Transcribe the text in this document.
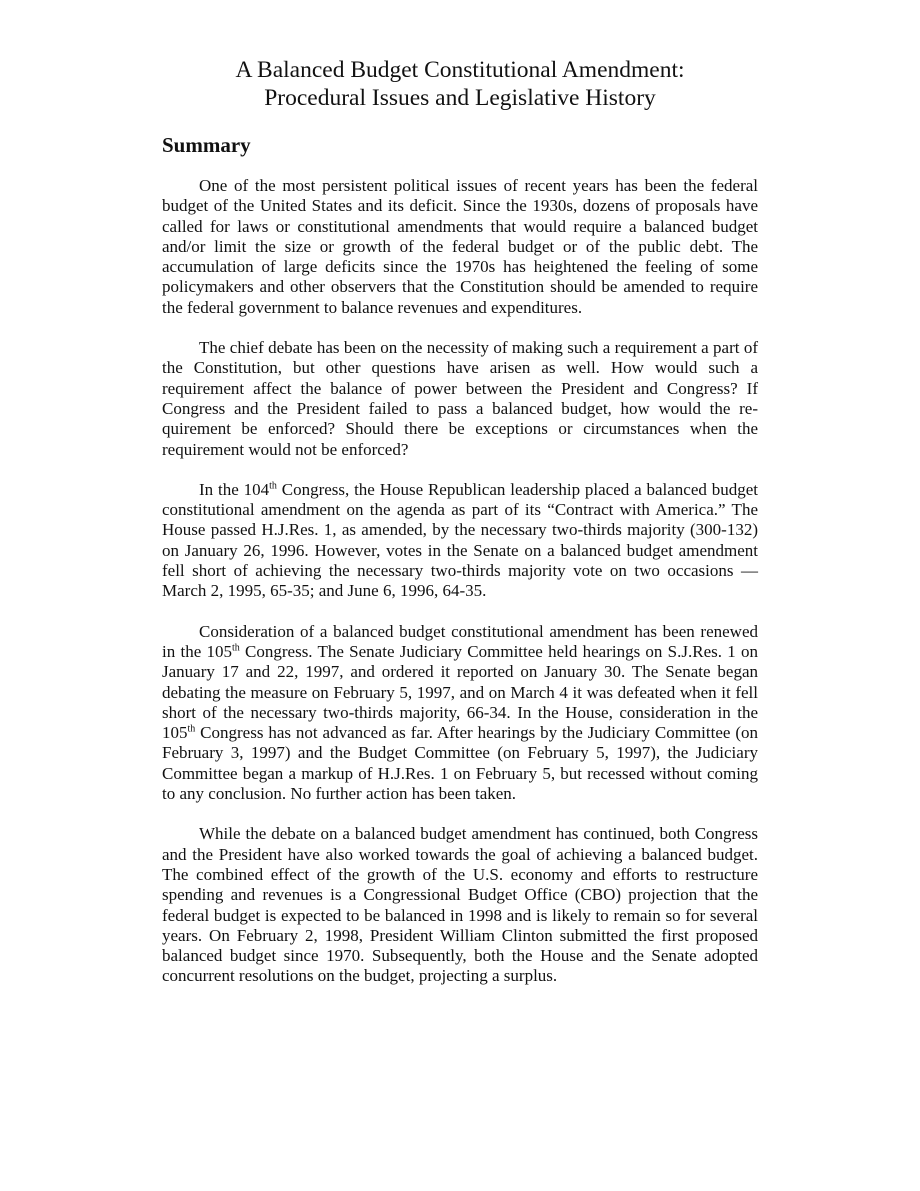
A Balanced Budget Constitutional Amendment:
Procedural Issues and Legislative History
Summary

One of the most persistent political issues of recent years has been the federal budget of the United States and its deficit. Since the 1930s, dozens of proposals have called for laws or constitutional amendments that would require a balanced budget and/or limit the size or growth of the federal budget or of the public debt. The accumulation of large deficits since the 1970s has heightened the feeling of some policymakers and other observers that the Constitution should be amended to require the federal government to balance revenues and expenditures.

The chief debate has been on the necessity of making such a requirement a part of the Constitution, but other questions have arisen as well. How would such a requirement affect the balance of power between the President and Congress? If Congress and the President failed to pass a balanced budget, how would the requirement be enforced? Should there be exceptions or circumstances when the requirement would not be enforced?

In the 104th Congress, the House Republican leadership placed a balanced budget constitutional amendment on the agenda as part of its “Contract with America.” The House passed H.J.Res. 1, as amended, by the necessary two-thirds majority (300-132) on January 26, 1996. However, votes in the Senate on a balanced budget amendment fell short of achieving the necessary two-thirds majority vote on two occasions — March 2, 1995, 65-35; and June 6, 1996, 64-35.

Consideration of a balanced budget constitutional amendment has been renewed in the 105th Congress. The Senate Judiciary Committee held hearings on S.J.Res. 1 on January 17 and 22, 1997, and ordered it reported on January 30. The Senate began debating the measure on February 5, 1997, and on March 4 it was defeated when it fell short of the necessary two-thirds majority, 66-34. In the House, consideration in the 105th Congress has not advanced as far. After hearings by the Judiciary Committee (on February 3, 1997) and the Budget Committee (on February 5, 1997), the Judiciary Committee began a markup of H.J.Res. 1 on February 5, but recessed without coming to any conclusion. No further action has been taken.

While the debate on a balanced budget amendment has continued, both Congress and the President have also worked towards the goal of achieving a balanced budget. The combined effect of the growth of the U.S. economy and efforts to restructure spending and revenues is a Congressional Budget Office (CBO) projection that the federal budget is expected to be balanced in 1998 and is likely to remain so for several years. On February 2, 1998, President William Clinton submitted the first proposed balanced budget since 1970. Subsequently, both the House and the Senate adopted concurrent resolutions on the budget, projecting a surplus.
